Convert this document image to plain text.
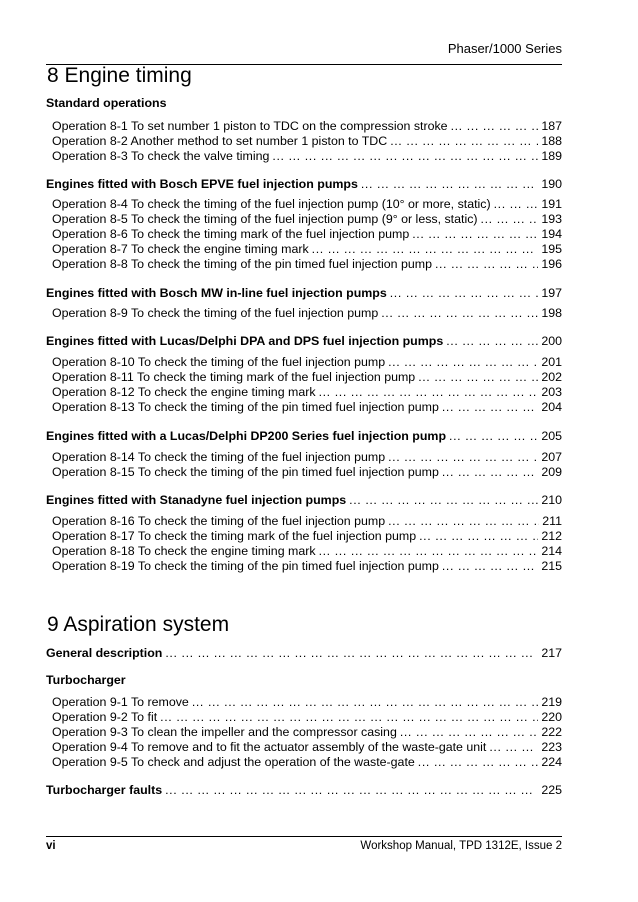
Phaser/1000 Series
8 Engine timing
Standard operations
Operation 8-1 To set number 1 piston to TDC on the compression stroke ... .	187
Operation 8-2 Another method to set number 1 piston to TDC ... .	188
Operation 8-3 To check the valve timing ... .	189
Engines fitted with Bosch EPVE fuel injection pumps ... .	190
Operation 8-4 To check the timing of the fuel injection pump (10° or more, static) ... .	191
Operation 8-5 To check the timing of the fuel injection pump (9° or less, static) ... .	193
Operation 8-6 To check the timing mark of the fuel injection pump ... .	194
Operation 8-7 To check the engine timing mark ... .	195
Operation 8-8 To check the timing of the pin timed fuel injection pump ... .	196
Engines fitted with Bosch MW in-line fuel injection pumps ... .	197
Operation 8-9 To check the timing of the fuel injection pump ... .	198
Engines fitted with Lucas/Delphi DPA and DPS fuel injection pumps ... .	200
Operation 8-10 To check the timing of the fuel injection pump ... .	201
Operation 8-11 To check the timing mark of the fuel injection pump ... .	202
Operation 8-12 To check the engine timing mark ... .	203
Operation 8-13 To check the timing of the pin timed fuel injection pump ... .	204
Engines fitted with a Lucas/Delphi DP200 Series fuel injection pump ... .	205
Operation 8-14 To check the timing of the fuel injection pump ... .	207
Operation 8-15 To check the timing of the pin timed fuel injection pump ... .	209
Engines fitted with Stanadyne fuel injection pumps ... .	210
Operation 8-16 To check the timing of the fuel injection pump ... .	211
Operation 8-17 To check the timing mark of the fuel injection pump ... .	212
Operation 8-18 To check the engine timing mark ... .	214
Operation 8-19 To check the timing of the pin timed fuel injection pump ... .	215
General description ... .	217
Turbocharger
Operation 9-1 To remove ... .	219
Operation 9-2 To fit ... .	220
Operation 9-3 To clean the impeller and the compressor casing ... .	222
Operation 9-4 To remove and to fit the actuator assembly of the waste-gate unit ... .	223
Operation 9-5 To check and adjust the operation of the waste-gate ... .	224
Turbocharger faults ... .	225
9 Aspiration system
vi	Workshop Manual, TPD 1312E, Issue 2
